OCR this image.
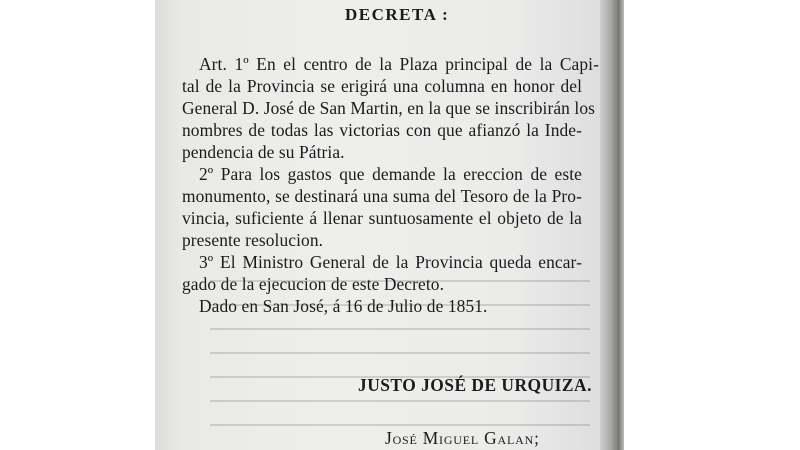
DECRETA :
Art. 1º En el centro de la Plaza principal de la Capi-
tal de la Provincia se erigirá una columna en honor del
General D. José de San Martin, en la que se inscribirán los
nombres de todas las victorias con que afianzó la Inde-
pendencia de su Pátria.
2º Para los gastos que demande la ereccion de este
monumento, se destinará una suma del Tesoro de la Pro-
vincia, suficiente á llenar suntuosamente el objeto de la
presente resolucion.
3º El Ministro General de la Provincia queda encar-
gado de la ejecucion de este Decreto.
Dado en San José, á 16 de Julio de 1851.
JUSTO JOSÉ DE URQUIZA.
José Miguel Galan;
